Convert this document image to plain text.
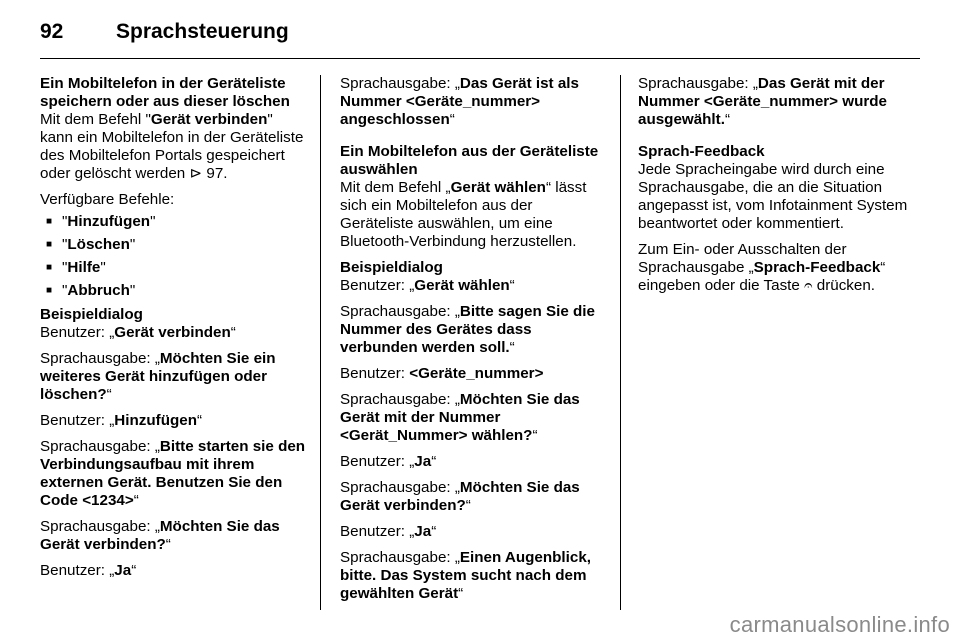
92	Sprachsteuerung
Ein Mobiltelefon in der Geräteliste speichern oder aus dieser löschen
Mit dem Befehl "Gerät verbinden" kann ein Mobiltelefon in der Geräteliste des Mobiltelefon Portals gespeichert oder gelöscht werden ⊳ 97.
Verfügbare Befehle:
■ "Hinzufügen"
■ "Löschen"
■ "Hilfe"
■ "Abbruch"
Beispieldialog
Benutzer: „Gerät verbinden“
Sprachausgabe: „Möchten Sie ein weiteres Gerät hinzufügen oder löschen?“
Benutzer: „Hinzufügen“
Sprachausgabe: „Bitte starten sie den Verbindungsaufbau mit ihrem externen Gerät. Benutzen Sie den Code <1234>“
Sprachausgabe: „Möchten Sie das Gerät verbinden?“
Benutzer: „Ja“
Sprachausgabe: „Das Gerät ist als Nummer <Geräte_nummer> angeschlossen“
Ein Mobiltelefon aus der Geräteliste auswählen
Mit dem Befehl „Gerät wählen“ lässt sich ein Mobiltelefon aus der Geräteliste auswählen, um eine Bluetooth-Verbindung herzustellen.
Beispieldialog
Benutzer: „Gerät wählen“
Sprachausgabe: „Bitte sagen Sie die Nummer des Gerätes dass verbunden werden soll.“
Benutzer: <Geräte_nummer>
Sprachausgabe: „Möchten Sie das Gerät mit der Nummer <Gerät_Nummer> wählen?“
Benutzer: „Ja“
Sprachausgabe: „Möchten Sie das Gerät verbinden?“
Benutzer: „Ja“
Sprachausgabe: „Einen Augenblick, bitte. Das System sucht nach dem gewählten Gerät“
Sprachausgabe: „Das Gerät mit der Nummer <Geräte_nummer> wurde ausgewählt.“
Sprach-Feedback
Jede Spracheingabe wird durch eine Sprachausgabe, die an die Situation angepasst ist, vom Infotainment System beantwortet oder kommentiert.
Zum Ein- oder Ausschalten der Sprachausgabe „Sprach-Feedback“ eingeben oder die Taste 𝄐 drücken.
carmanualsonline.info
